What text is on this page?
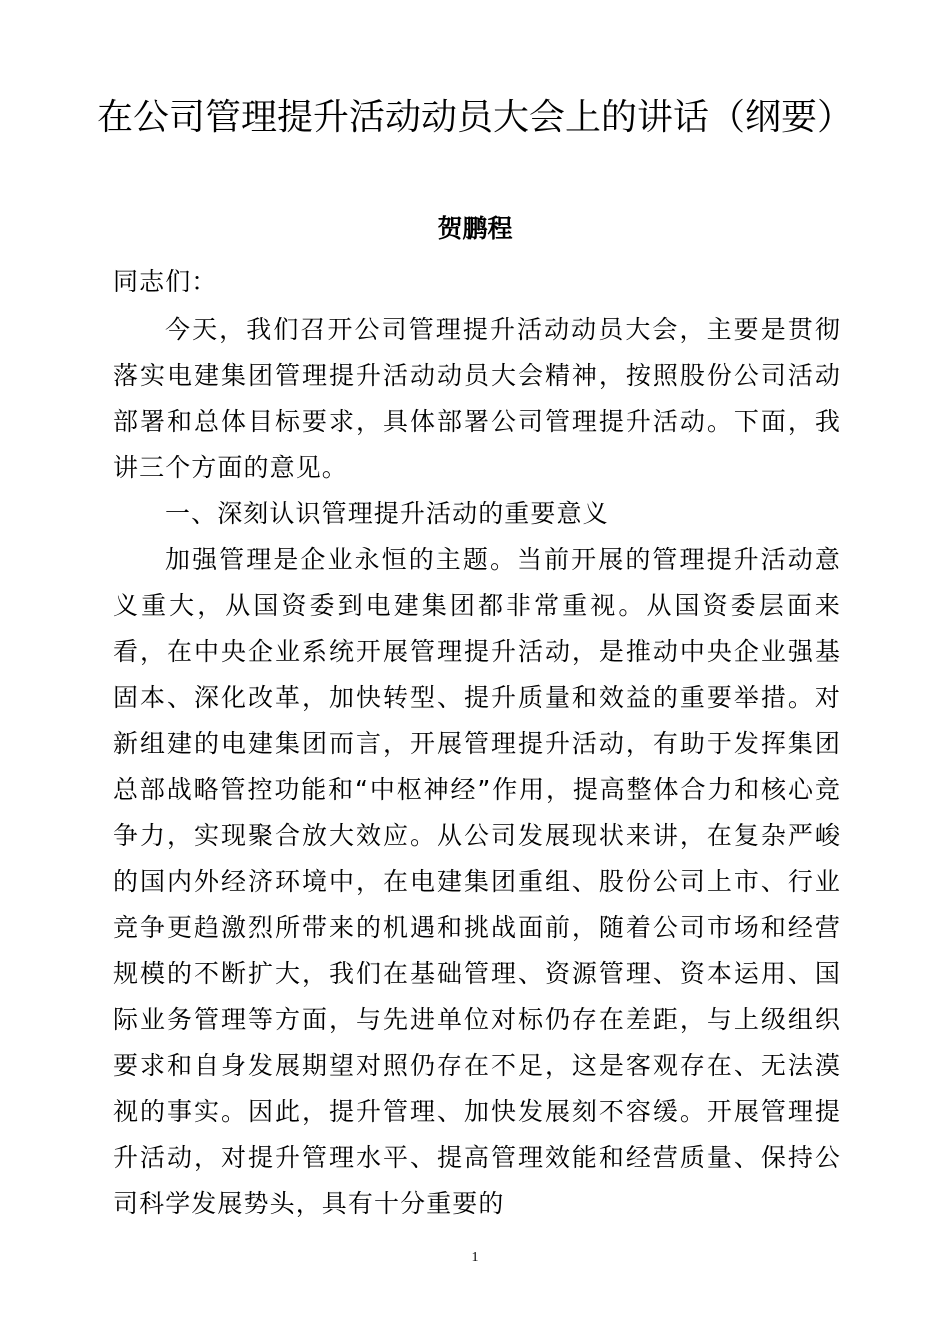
在公司管理提升活动动员大会上的讲话（纲要）
贺鹏程

同志们：

今天，我们召开公司管理提升活动动员大会，主要是贯彻落实电建集团管理提升活动动员大会精神，按照股份公司活动部署和总体目标要求，具体部署公司管理提升活动。下面，我讲三个方面的意见。

一、深刻认识管理提升活动的重要意义

加强管理是企业永恒的主题。当前开展的管理提升活动意义重大，从国资委到电建集团都非常重视。从国资委层面来看，在中央企业系统开展管理提升活动，是推动中央企业强基固本、深化改革，加快转型、提升质量和效益的重要举措。对新组建的电建集团而言，开展管理提升活动，有助于发挥集团总部战略管控功能和“中枢神经”作用，提高整体合力和核心竞争力，实现聚合放大效应。从公司发展现状来讲，在复杂严峻的国内外经济环境中，在电建集团重组、股份公司上市、行业竞争更趋激烈所带来的机遇和挑战面前，随着公司市场和经营规模的不断扩大，我们在基础管理、资源管理、资本运用、国际业务管理等方面，与先进单位对标仍存在差距，与上级组织要求和自身发展期望对照仍存在不足，这是客观存在、无法漠视的事实。因此，提升管理、加快发展刻不容缓。开展管理提升活动，对提升管理水平、提高管理效能和经营质量、保持公司科学发展势头，具有十分重要的

1
